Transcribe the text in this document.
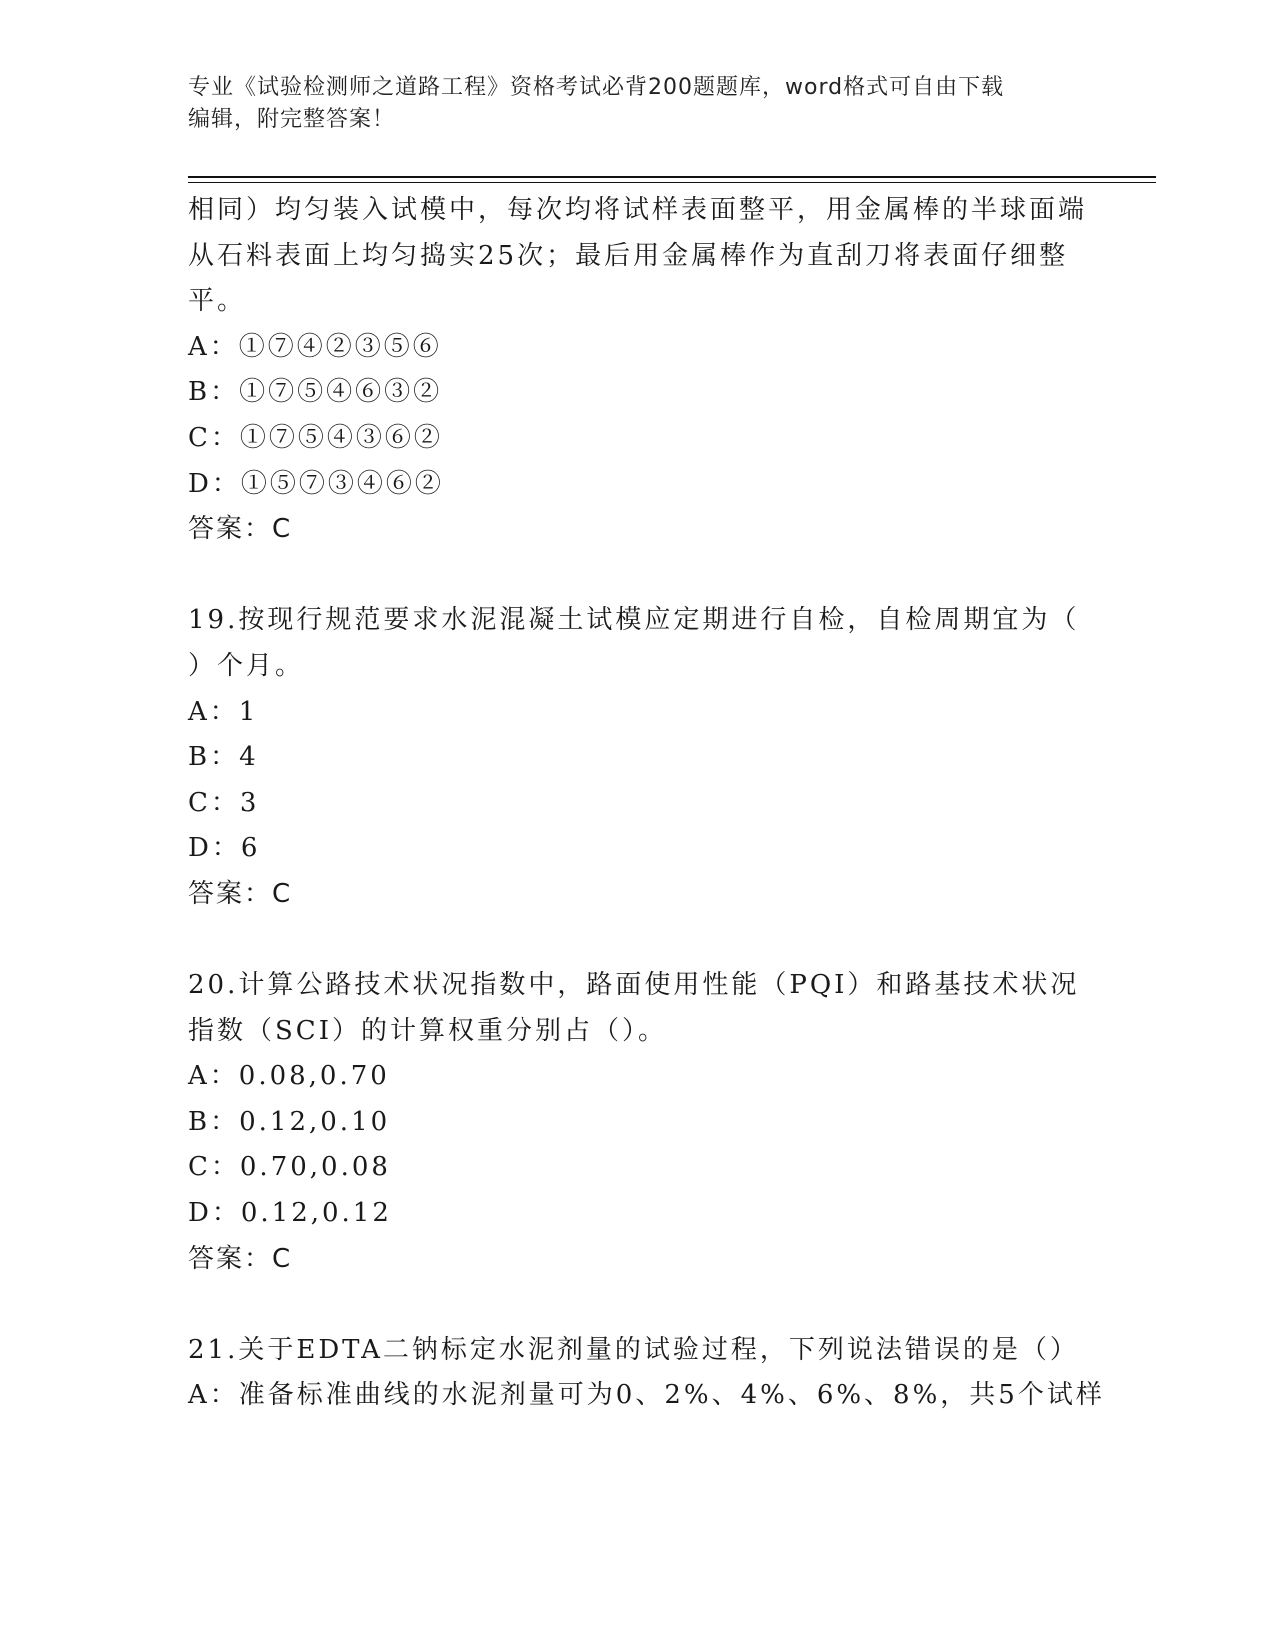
专业《试验检测师之道路工程》资格考试必背200题题库，word格式可自由下载
编辑，附完整答案！
相同）均匀装入试模中，每次均将试样表面整平，用金属棒的半球面端
从石料表面上均匀捣实25次；最后用金属棒作为直刮刀将表面仔细整
平。
A：①⑦④②③⑤⑥
B：①⑦⑤④⑥③②
C：①⑦⑤④③⑥②
D：①⑤⑦③④⑥②
答案：C
19.按现行规范要求水泥混凝土试模应定期进行自检，自检周期宜为（
）个月。
A：1
B：4
C：3
D：6
答案：C
20.计算公路技术状况指数中，路面使用性能（PQI）和路基技术状况
指数（SCI）的计算权重分别占（）。
A：0.08,0.70
B：0.12,0.10
C：0.70,0.08
D：0.12,0.12
答案：C
21.关于EDTA二钠标定水泥剂量的试验过程，下列说法错误的是（）
A：准备标准曲线的水泥剂量可为0、2%、4%、6%、8%，共5个试样
